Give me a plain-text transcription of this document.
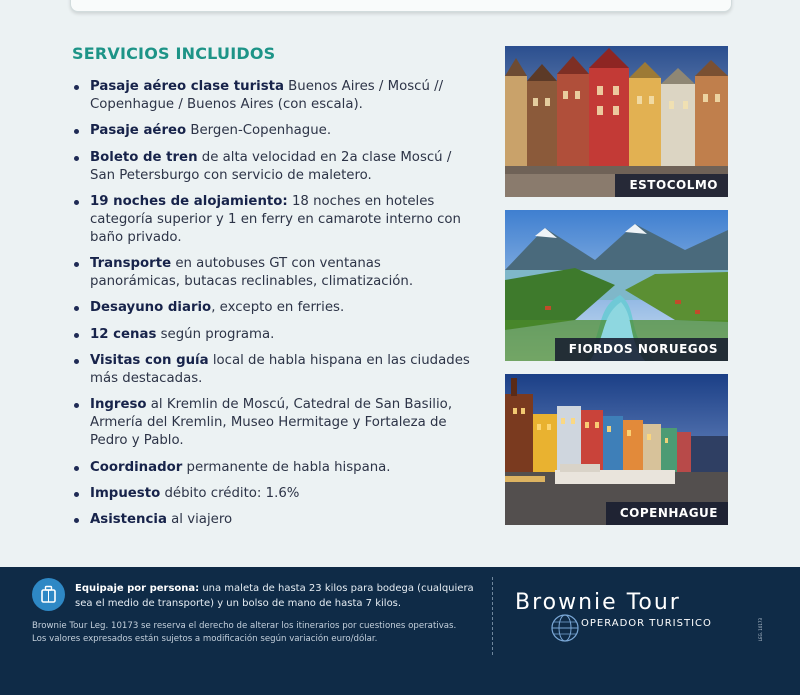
SERVICIOS INCLUIDOS
Pasaje aéreo clase turista Buenos Aires / Moscú // Copenhague / Buenos Aires (con escala).
Pasaje aéreo Bergen-Copenhague.
Boleto de tren de alta velocidad en 2a clase Moscú / San Petersburgo con servicio de maletero.
19 noches de alojamiento: 18 noches en hoteles categoría superior y 1 en ferry en camarote interno con baño privado.
Transporte en autobuses GT con ventanas panorámicas, butacas reclinables, climatización.
Desayuno diario, excepto en ferries.
12 cenas según programa.
Visitas con guía local de habla hispana en las ciudades más destacadas.
Ingreso al Kremlin de Moscú, Catedral de San Basilio, Armería del Kremlin, Museo Hermitage y Fortaleza de Pedro y Pablo.
Coordinador permanente de habla hispana.
Impuesto débito crédito: 1.6%
Asistencia al viajero
ESTOCOLMO
FIORDOS NORUEGOS
COPENHAGUE

Equipaje por persona: una maleta de hasta 23 kilos para bodega (cualquiera sea el medio de transporte) y un bolso de mano de hasta 7 kilos.

Brownie Tour Leg. 10173 se reserva el derecho de alterar los itinerarios por cuestiones operativas.
Los valores expresados están sujetos a modificación según variación euro/dólar.

Brownie Tour
OPERADOR TURISTICO	LEG. 10173
